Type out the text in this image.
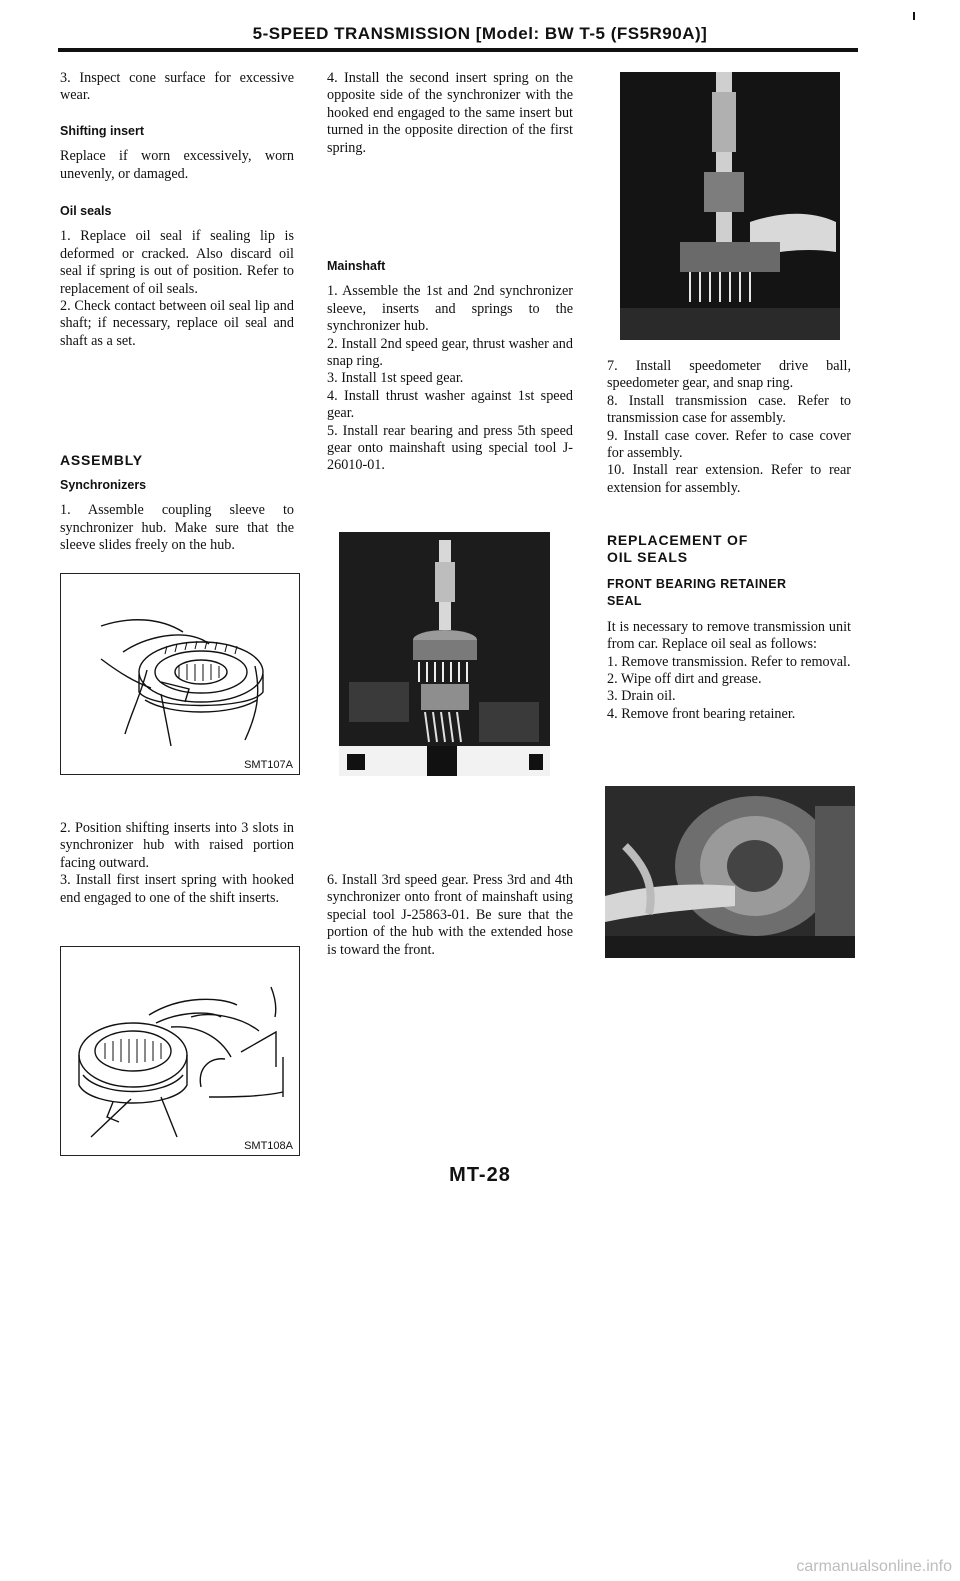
5-SPEED TRANSMISSION [Model: BW T-5 (FS5R90A)]

3. Inspect cone surface for excessive wear.

Shifting insert

Replace if worn excessively, worn unevenly, or damaged.

Oil seals

1. Replace oil seal if sealing lip is deformed or cracked. Also discard oil seal if spring is out of position. Refer to replacement of oil seals.

2. Check contact between oil seal lip and shaft; if necessary, replace oil seal and shaft as a set.

ASSEMBLY

Synchronizers

1. Assemble coupling sleeve to synchronizer hub. Make sure that the sleeve slides freely on the hub.

SMT107A

2. Position shifting inserts into 3 slots in synchronizer hub with raised portion facing outward.

3. Install first insert spring with hooked end engaged to one of the shift inserts.

SMT108A

4. Install the second insert spring on the opposite side of the synchronizer with the hooked end engaged to the same insert but turned in the opposite direction of the first spring.

Mainshaft

1. Assemble the 1st and 2nd synchronizer sleeve, inserts and springs to the synchronizer hub.

2. Install 2nd speed gear, thrust washer and snap ring.

3. Install 1st speed gear.

4. Install thrust washer against 1st speed gear.

5. Install rear bearing and press 5th speed gear onto mainshaft using special tool J-26010-01.

6. Install 3rd speed gear. Press 3rd and 4th synchronizer onto front of mainshaft using special tool J-25863-01. Be sure that the portion of the hub with the extended hose is toward the front.

7. Install speedometer drive ball, speedometer gear, and snap ring.

8. Install transmission case. Refer to transmission case for assembly.

9. Install case cover. Refer to case cover for assembly.

10. Install rear extension. Refer to rear extension for assembly.

REPLACEMENT OF

OIL SEALS

FRONT BEARING RETAINER

SEAL

It is necessary to remove transmission unit from car. Replace oil seal as follows:

1. Remove transmission. Refer to removal.

2. Wipe off dirt and grease.

3. Drain oil.

4. Remove front bearing retainer.

MT-28
carmanualsonline.info
